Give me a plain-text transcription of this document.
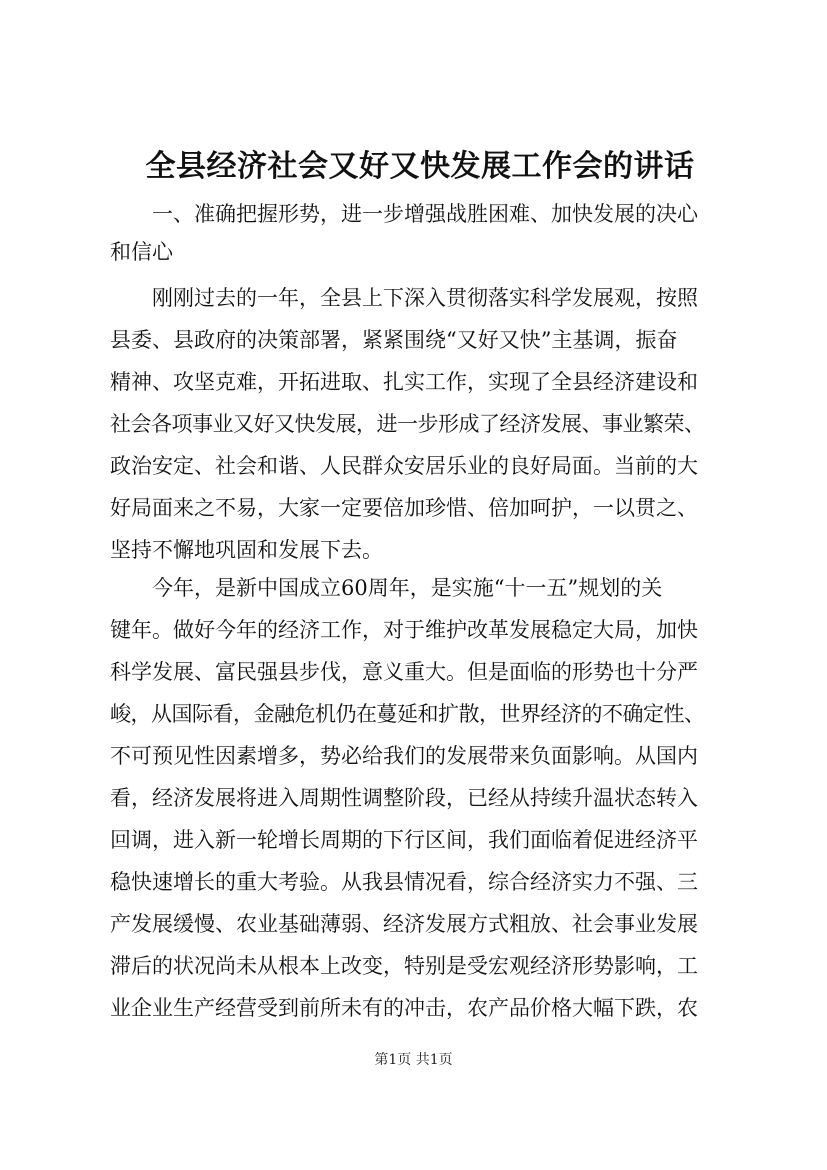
全县经济社会又好又快发展工作会的讲话
一、准确把握形势，进一步增强战胜困难、加快发展的决心
和信心
刚刚过去的一年，全县上下深入贯彻落实科学发展观，按照
县委、县政府的决策部署，紧紧围绕“又好又快”主基调，振奋
精神、攻坚克难，开拓进取、扎实工作，实现了全县经济建设和
社会各项事业又好又快发展，进一步形成了经济发展、事业繁荣、
政治安定、社会和谐、人民群众安居乐业的良好局面。当前的大
好局面来之不易，大家一定要倍加珍惜、倍加呵护，一以贯之、
坚持不懈地巩固和发展下去。
今年，是新中国成立60周年，是实施“十一五”规划的关
键年。做好今年的经济工作，对于维护改革发展稳定大局，加快
科学发展、富民强县步伐，意义重大。但是面临的形势也十分严
峻，从国际看，金融危机仍在蔓延和扩散，世界经济的不确定性、
不可预见性因素增多，势必给我们的发展带来负面影响。从国内
看，经济发展将进入周期性调整阶段，已经从持续升温状态转入
回调，进入新一轮增长周期的下行区间，我们面临着促进经济平
稳快速增长的重大考验。从我县情况看，综合经济实力不强、三
产发展缓慢、农业基础薄弱、经济发展方式粗放、社会事业发展
滞后的状况尚未从根本上改变，特别是受宏观经济形势影响，工
业企业生产经营受到前所未有的冲击，农产品价格大幅下跌，农
第1页 共1页
